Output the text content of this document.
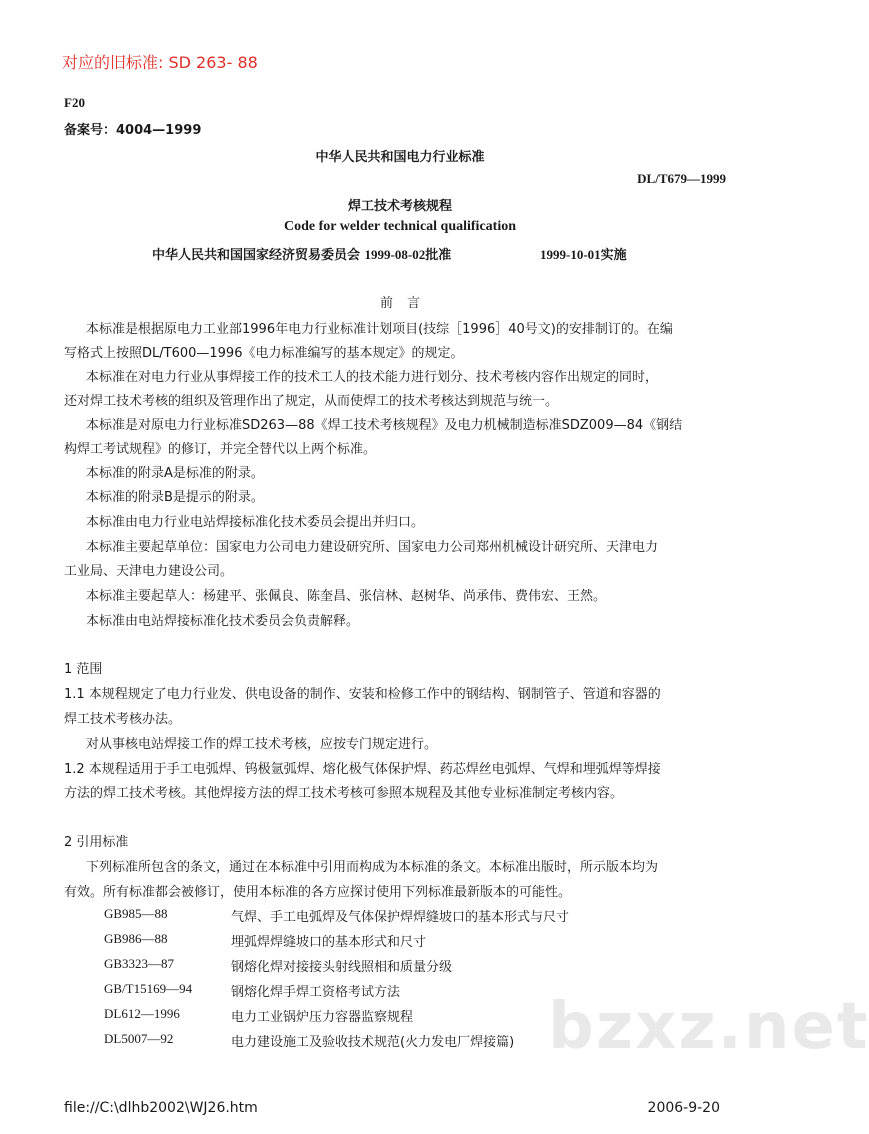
对应的旧标准: SD 263- 88
F20
备案号：4004—1999
中华人民共和国电力行业标准
DL/T679—1999
焊工技术考核规程
Code for welder technical qualification
中华人民共和国国家经济贸易委员会 1999-08-02批准	1999-10-01实施
前言
本标准是根据原电力工业部1996年电力行业标准计划项目(技综［1996］40号文)的安排制订的。在编
写格式上按照DL/T600—1996《电力标准编写的基本规定》的规定。
本标准在对电力行业从事焊接工作的技术工人的技术能力进行划分、技术考核内容作出规定的同时，
还对焊工技术考核的组织及管理作出了规定，从而使焊工的技术考核达到规范与统一。
本标准是对原电力行业标准SD263—88《焊工技术考核规程》及电力机械制造标准SDZ009—84《钢结
构焊工考试规程》的修订，并完全替代以上两个标准。
本标准的附录A是标准的附录。
本标准的附录B是提示的附录。
本标准由电力行业电站焊接标准化技术委员会提出并归口。
本标准主要起草单位：国家电力公司电力建设研究所、国家电力公司郑州机械设计研究所、天津电力
工业局、天津电力建设公司。
本标准主要起草人：杨建平、张佩良、陈奎昌、张信林、赵树华、尚承伟、费伟宏、王然。
本标准由电站焊接标准化技术委员会负责解释。
1 范围
1.1 本规程规定了电力行业发、供电设备的制作、安装和检修工作中的钢结构、钢制管子、管道和容器的
焊工技术考核办法。
对从事核电站焊接工作的焊工技术考核，应按专门规定进行。
1.2 本规程适用于手工电弧焊、钨极氩弧焊、熔化极气体保护焊、药芯焊丝电弧焊、气焊和埋弧焊等焊接
方法的焊工技术考核。其他焊接方法的焊工技术考核可参照本规程及其他专业标准制定考核内容。
2 引用标准
下列标准所包含的条文，通过在本标准中引用而构成为本标准的条文。本标准出版时，所示版本均为
有效。所有标准都会被修订，使用本标准的各方应探讨使用下列标准最新版本的可能性。
GB985—88	气焊、手工电弧焊及气体保护焊焊缝坡口的基本形式与尺寸
GB986—88	埋弧焊焊缝坡口的基本形式和尺寸
GB3323—87	钢熔化焊对接接头射线照相和质量分级
GB/T15169—94	钢熔化焊手焊工资格考试方法
DL612—1996	电力工业锅炉压力容器监察规程
DL5007—92	电力建设施工及验收技术规范(火力发电厂焊接篇) bzxz.net
file://C:\dlhb2002\WJ26.htm	2006-9-20
